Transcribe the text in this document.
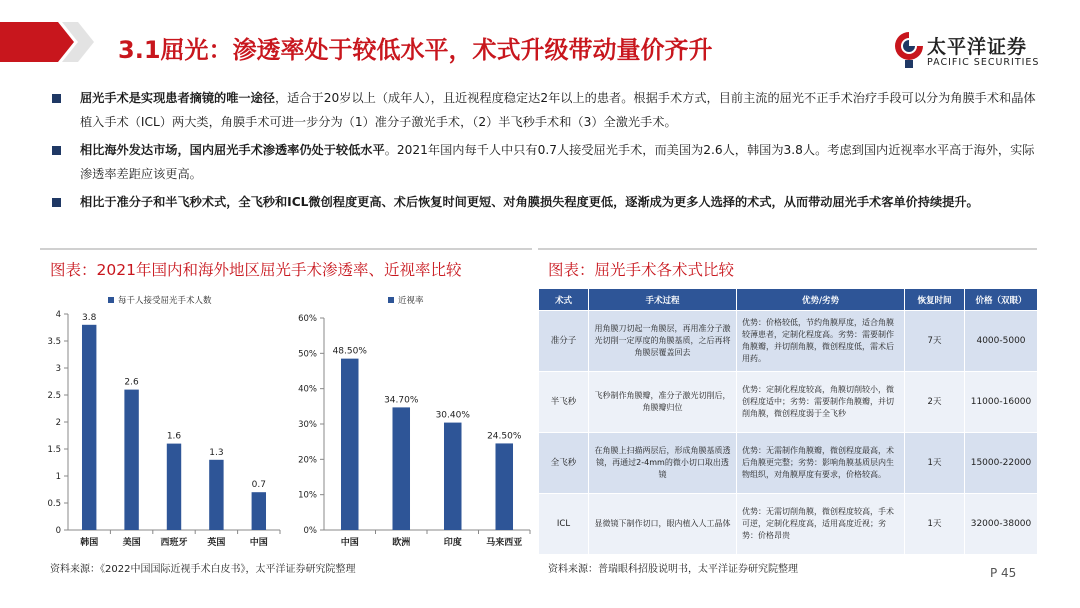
3.1屈光：渗透率处于较低水平，术式升级带动量价齐升	太平洋证券
PACIFIC SECURITIES
屈光手术是实现患者摘镜的唯一途径，适合于20岁以上（成年人），且近视程度稳定达2年以上的患者。根据手术方式，目前主流的屈光不正手术治疗手段可以分为角膜手术和晶体植入手术（ICL）两大类，角膜手术可进一步分为（1）准分子激光手术，（2）半飞秒手术和（3）全激光手术。
相比海外发达市场，国内屈光手术渗透率仍处于较低水平。2021年国内每千人中只有0.7人接受屈光手术，而美国为2.6人，韩国为3.8人。考虑到国内近视率水平高于海外，实际渗透率差距应该更高。
相比于准分子和半飞秒术式，全飞秒和ICL微创程度更高、术后恢复时间更短、对角膜损失程度更低，逐渐成为更多人选择的术式，从而带动屈光手术客单价持续提升。
图表：2021年国内和海外地区屈光手术渗透率、近视率比较
每千人接受屈光手术人数
0
0.5
1
1.5
2
2.5
3
3.5
4 3.8
韩国
2.6
美国
1.6
西班牙
1.3
英国
0.7
中国
近视率
0%
10%
20%
30%
40%
50%
60%
48.50%
中国
34.70%
欧洲
30.40%
印度
24.50%
马来西亚
资料来源：《2022中国国际近视手术白皮书》，太平洋证券研究院整理
图表：屈光手术各术式比较
术式	手术过程	优势/劣势	恢复时间	价格（双眼）
准分子	用角膜刀切起一角膜层，再用准分子激光切削一定厚度的角膜基质，之后再将角膜层覆盖回去	优势：价格较低，节约角膜厚度，适合角膜较薄患者，定制化程度高。劣势：需要制作角膜瓣，并切削角膜，微创程度低，需术后用药。	7天	4000-5000
半飞秒	飞秒制作角膜瓣，准分子激光切削后，角膜瓣归位	优势：定制化程度较高，角膜切削较小，微创程度适中；劣势：需要制作角膜瓣，并切削角膜，微创程度弱于全飞秒	2天	11000-16000
全飞秒	在角膜上扫描两层后，形成角膜基质透镜，再通过2-4mm的微小切口取出透镜	优势：无需制作角膜瓣，微创程度最高，术后角膜更完整；劣势：影响角膜基质层内生物组织，对角膜厚度有要求，价格较高。	1天	15000-22000
ICL	显微镜下制作切口，眼内植入人工晶体	优势：无需切削角膜，微创程度较高，手术可逆，定制化程度高，适用高度近视；劣势：价格昂贵	1天	32000-38000
资料来源：普瑞眼科招股说明书，太平洋证券研究院整理	P 45
